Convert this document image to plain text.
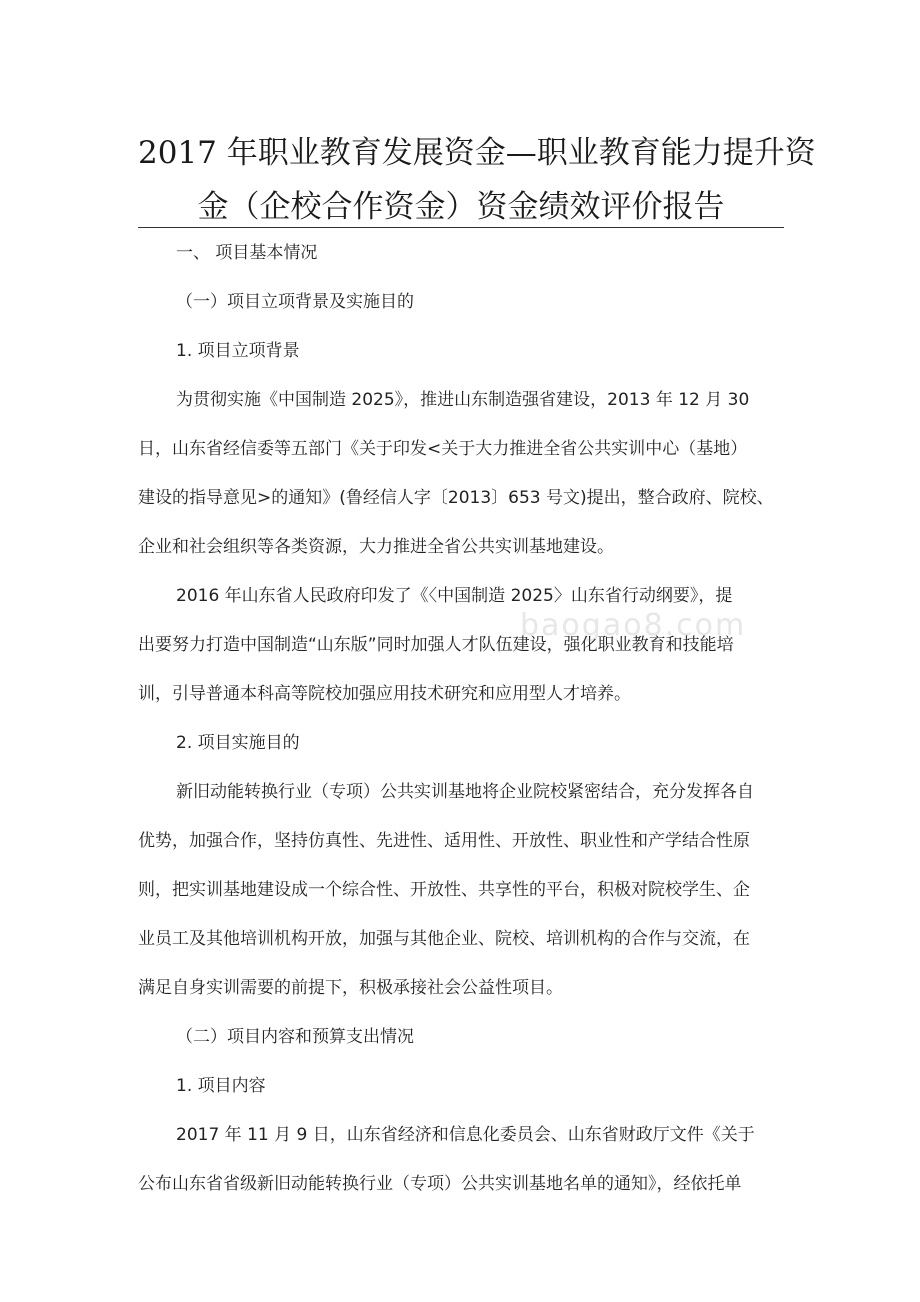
2017 年职业教育发展资金—职业教育能力提升资
金（企校合作资金）资金绩效评价报告
一、 项目基本情况
（一）项目立项背景及实施目的
1. 项目立项背景
为贯彻实施《中国制造 2025》，推进山东制造强省建设，2013 年 12 月 30
日，山东省经信委等五部门《关于印发<关于大力推进全省公共实训中心（基地）
建设的指导意见>的通知》(鲁经信人字〔2013〕653 号文)提出，整合政府、院校、
企业和社会组织等各类资源，大力推进全省公共实训基地建设。
2016 年山东省人民政府印发了《〈中国制造 2025〉山东省行动纲要》，提
出要努力打造中国制造“山东版”同时加强人才队伍建设，强化职业教育和技能培
训，引导普通本科高等院校加强应用技术研究和应用型人才培养。
2. 项目实施目的
新旧动能转换行业（专项）公共实训基地将企业院校紧密结合，充分发挥各自
优势，加强合作，坚持仿真性、先进性、适用性、开放性、职业性和产学结合性原
则，把实训基地建设成一个综合性、开放性、共享性的平台，积极对院校学生、企
业员工及其他培训机构开放，加强与其他企业、院校、培训机构的合作与交流，在
满足自身实训需要的前提下，积极承接社会公益性项目。
（二）项目内容和预算支出情况
1. 项目内容
2017 年 11 月 9 日，山东省经济和信息化委员会、山东省财政厅文件《关于
公布山东省省级新旧动能转换行业（专项）公共实训基地名单的通知》，经依托单
baogao8.com
